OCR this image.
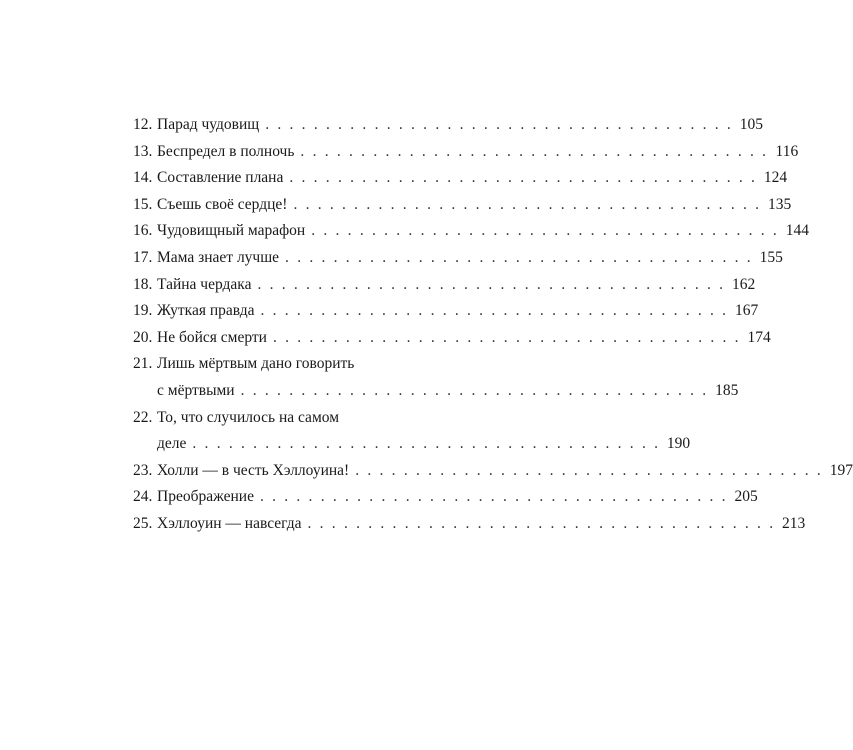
12. Парад чудовищ . . . . . . . . . . . . . . . . . . . . . . . . . . . . . . . . . . . . . . . 105
13. Беспредел в полночь . . . . . . . . . . . . . . . . . . . . . . . . . . . . . . . . . . . . . . . 116
14. Составление плана . . . . . . . . . . . . . . . . . . . . . . . . . . . . . . . . . . . . . . . 124
15. Съешь своё сердце! . . . . . . . . . . . . . . . . . . . . . . . . . . . . . . . . . . . . . . . 135
16. Чудовищный марафон . . . . . . . . . . . . . . . . . . . . . . . . . . . . . . . . . . . . . . . 144
17. Мама знает лучше . . . . . . . . . . . . . . . . . . . . . . . . . . . . . . . . . . . . . . . 155
18. Тайна чердака . . . . . . . . . . . . . . . . . . . . . . . . . . . . . . . . . . . . . . . 162
19. Жуткая правда . . . . . . . . . . . . . . . . . . . . . . . . . . . . . . . . . . . . . . . 167
20. Не бойся смерти . . . . . . . . . . . . . . . . . . . . . . . . . . . . . . . . . . . . . . . 174
21. Лишь мёртвым дано говорить
с мёртвыми . . . . . . . . . . . . . . . . . . . . . . . . . . . . . . . . . . . . . . . 185
22. То, что случилось на самом
деле . . . . . . . . . . . . . . . . . . . . . . . . . . . . . . . . . . . . . . . 190
23. Холли — в честь Хэллоуина! . . . . . . . . . . . . . . . . . . . . . . . . . . . . . . . . . . . . . . . 197
24. Преображение . . . . . . . . . . . . . . . . . . . . . . . . . . . . . . . . . . . . . . . 205
25. Хэллоуин — навсегда . . . . . . . . . . . . . . . . . . . . . . . . . . . . . . . . . . . . . . . 213
